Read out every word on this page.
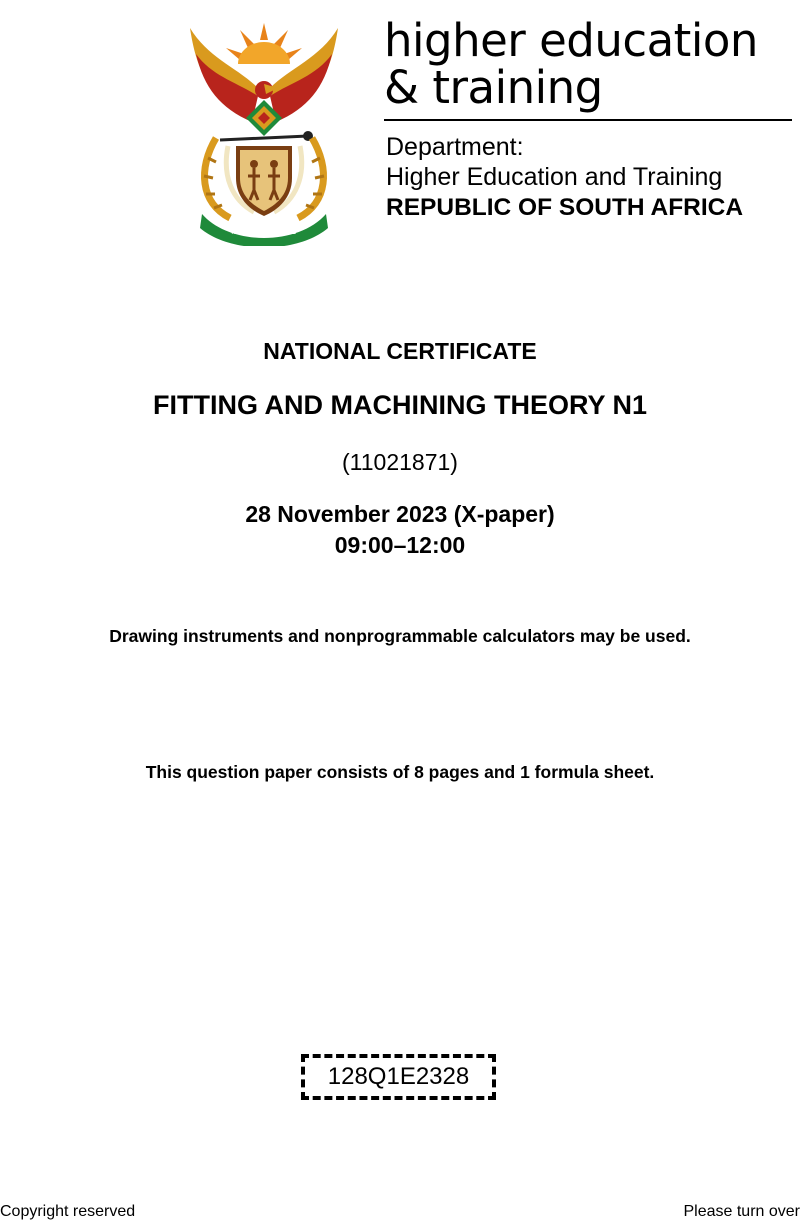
!KE E: /XARRA //KE
higher education
& training
Department:
Higher Education and Training
REPUBLIC OF SOUTH AFRICA
NATIONAL CERTIFICATE
FITTING AND MACHINING THEORY N1
(11021871)
28 November 2023 (X-paper)
09:00–12:00
Drawing instruments and nonprogrammable calculators may be used.
This question paper consists of 8 pages and 1 formula sheet.
128Q1E2328
Copyright reserved	Please turn over
